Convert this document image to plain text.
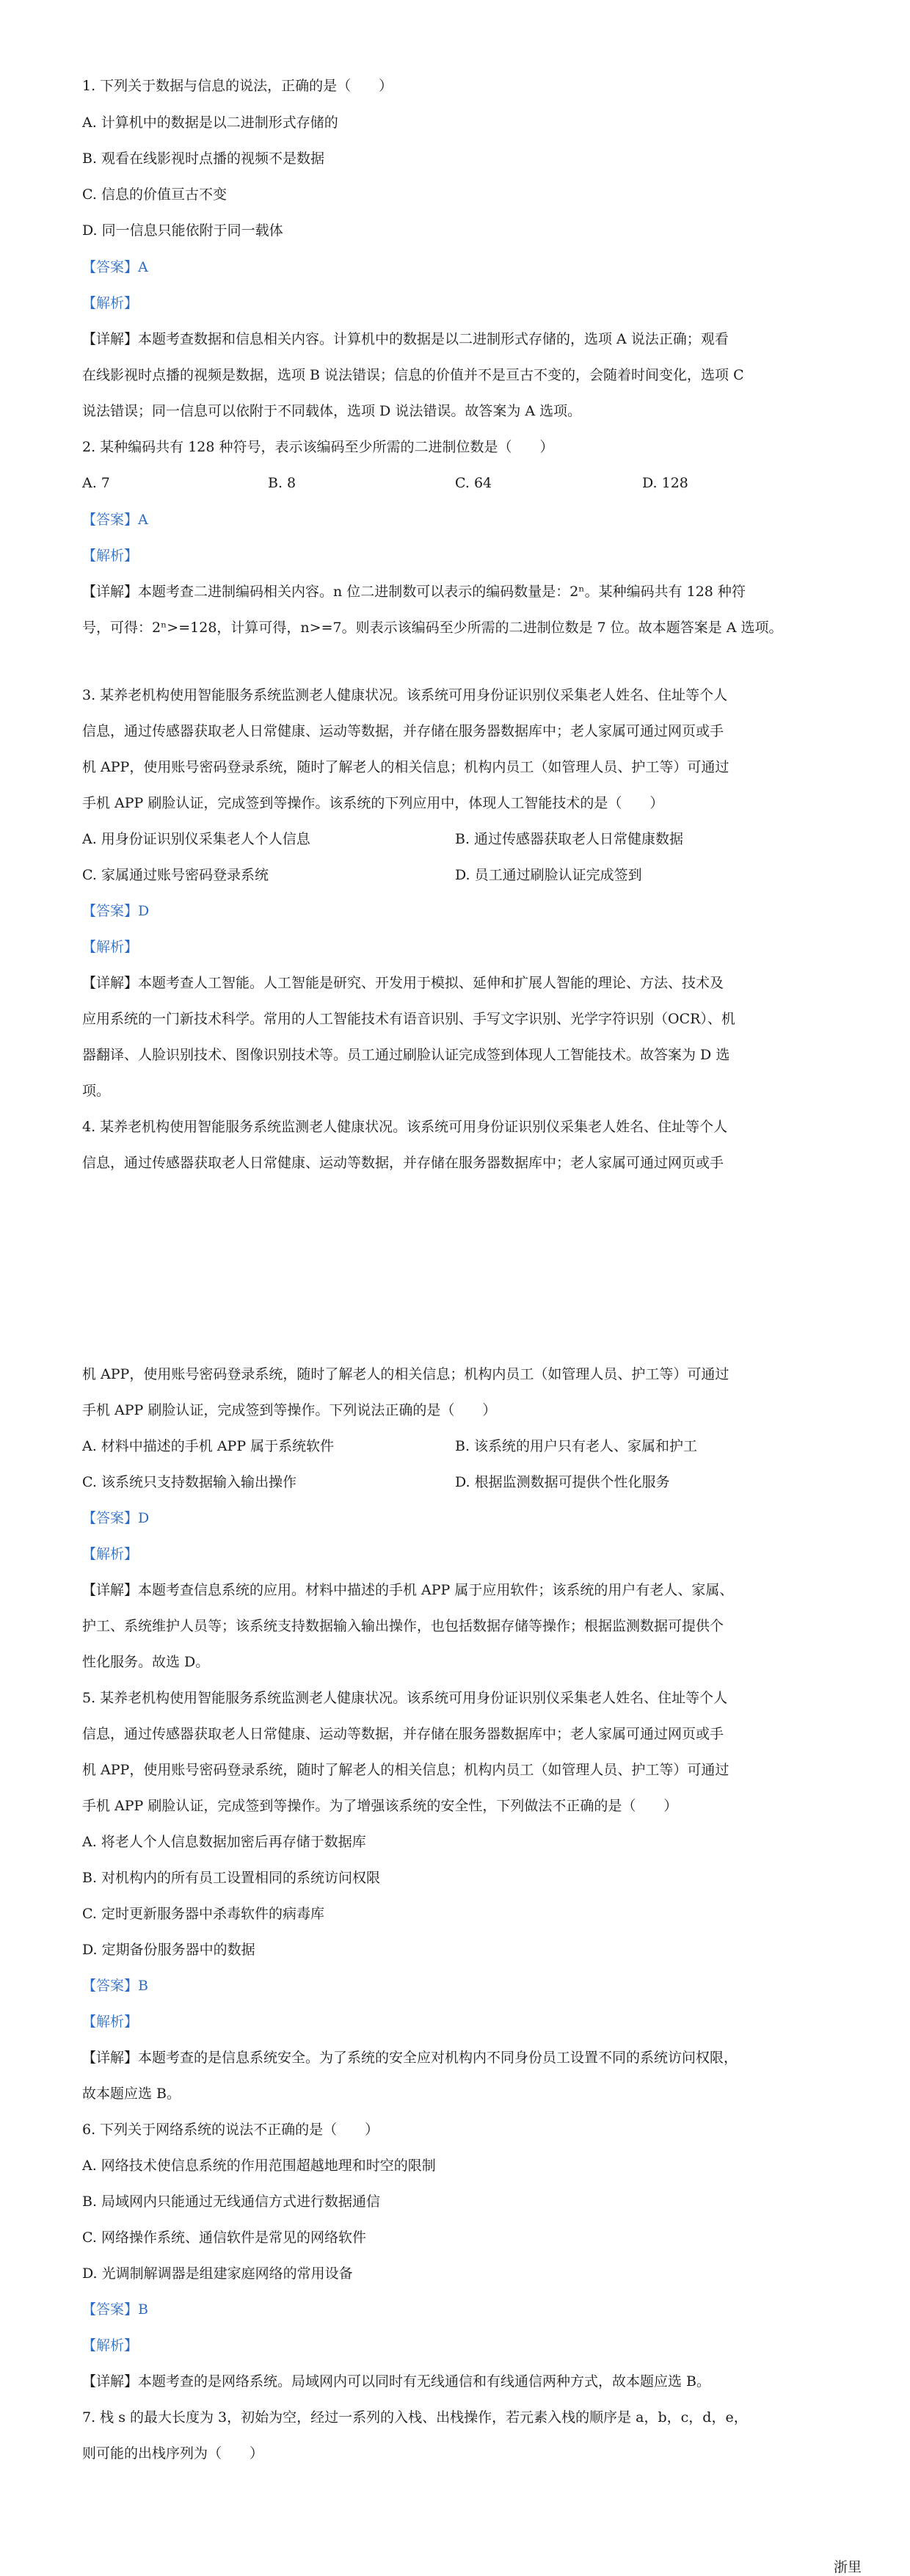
1. 下列关于数据与信息的说法，正确的是（　　）
A. 计算机中的数据是以二进制形式存储的
B. 观看在线影视时点播的视频不是数据
C. 信息的价值亘古不变
D. 同一信息只能依附于同一载体
【答案】A
【解析】
【详解】本题考查数据和信息相关内容。计算机中的数据是以二进制形式存储的，选项 A 说法正确；观看
在线影视时点播的视频是数据，选项 B 说法错误；信息的价值并不是亘古不变的，会随着时间变化，选项 C
说法错误；同一信息可以依附于不同载体，选项 D 说法错误。故答案为 A 选项。
2. 某种编码共有 128 种符号，表示该编码至少所需的二进制位数是（　　）
A. 7	B. 8	C. 64	D. 128
【答案】A
【解析】
【详解】本题考查二进制编码相关内容。n 位二进制数可以表示的编码数量是：2ⁿ。某种编码共有 128 种符
号，可得：2ⁿ>=128，计算可得，n>=7。则表示该编码至少所需的二进制位数是 7 位。故本题答案是 A 选项。
3. 某养老机构使用智能服务系统监测老人健康状况。该系统可用身份证识别仪采集老人姓名、住址等个人
信息，通过传感器获取老人日常健康、运动等数据，并存储在服务器数据库中；老人家属可通过网页或手
机 APP，使用账号密码登录系统，随时了解老人的相关信息；机构内员工（如管理人员、护工等）可通过
手机 APP 刷脸认证，完成签到等操作。该系统的下列应用中，体现人工智能技术的是（　　）
A. 用身份证识别仪采集老人个人信息	B. 通过传感器获取老人日常健康数据
C. 家属通过账号密码登录系统	D. 员工通过刷脸认证完成签到
【答案】D
【解析】
【详解】本题考查人工智能。人工智能是研究、开发用于模拟、延伸和扩展人智能的理论、方法、技术及
应用系统的一门新技术科学。常用的人工智能技术有语音识别、手写文字识别、光学字符识别（OCR）、机
器翻译、人脸识别技术、图像识别技术等。员工通过刷脸认证完成签到体现人工智能技术。故答案为 D 选
项。
4. 某养老机构使用智能服务系统监测老人健康状况。该系统可用身份证识别仪采集老人姓名、住址等个人
信息，通过传感器获取老人日常健康、运动等数据，并存储在服务器数据库中；老人家属可通过网页或手
机 APP，使用账号密码登录系统，随时了解老人的相关信息；机构内员工（如管理人员、护工等）可通过
手机 APP 刷脸认证，完成签到等操作。下列说法正确的是（　　）
A. 材料中描述的手机 APP 属于系统软件	B. 该系统的用户只有老人、家属和护工
C. 该系统只支持数据输入输出操作	D. 根据监测数据可提供个性化服务
【答案】D
【解析】
【详解】本题考查信息系统的应用。材料中描述的手机 APP 属于应用软件；该系统的用户有老人、家属、
护工、系统维护人员等；该系统支持数据输入输出操作，也包括数据存储等操作；根据监测数据可提供个
性化服务。故选 D。
5. 某养老机构使用智能服务系统监测老人健康状况。该系统可用身份证识别仪采集老人姓名、住址等个人
信息，通过传感器获取老人日常健康、运动等数据，并存储在服务器数据库中；老人家属可通过网页或手
机 APP，使用账号密码登录系统，随时了解老人的相关信息；机构内员工（如管理人员、护工等）可通过
手机 APP 刷脸认证，完成签到等操作。为了增强该系统的安全性，下列做法不正确的是（　　）
A. 将老人个人信息数据加密后再存储于数据库
B. 对机构内的所有员工设置相同的系统访问权限
C. 定时更新服务器中杀毒软件的病毒库
D. 定期备份服务器中的数据
【答案】B
【解析】
【详解】本题考查的是信息系统安全。为了系统的安全应对机构内不同身份员工设置不同的系统访问权限，
故本题应选 B。
6. 下列关于网络系统的说法不正确的是（　　）
A. 网络技术使信息系统的作用范围超越地理和时空的限制
B. 局域网内只能通过无线通信方式进行数据通信
C. 网络操作系统、通信软件是常见的网络软件
D. 光调制解调器是组建家庭网络的常用设备
【答案】B
【解析】
【详解】本题考查的是网络系统。局域网内可以同时有无线通信和有线通信两种方式，故本题应选 B。
7. 栈 s 的最大长度为 3，初始为空，经过一系列的入栈、出栈操作，若元素入栈的顺序是 a，b，c，d，e，
则可能的出栈序列为（　　）
浙里
